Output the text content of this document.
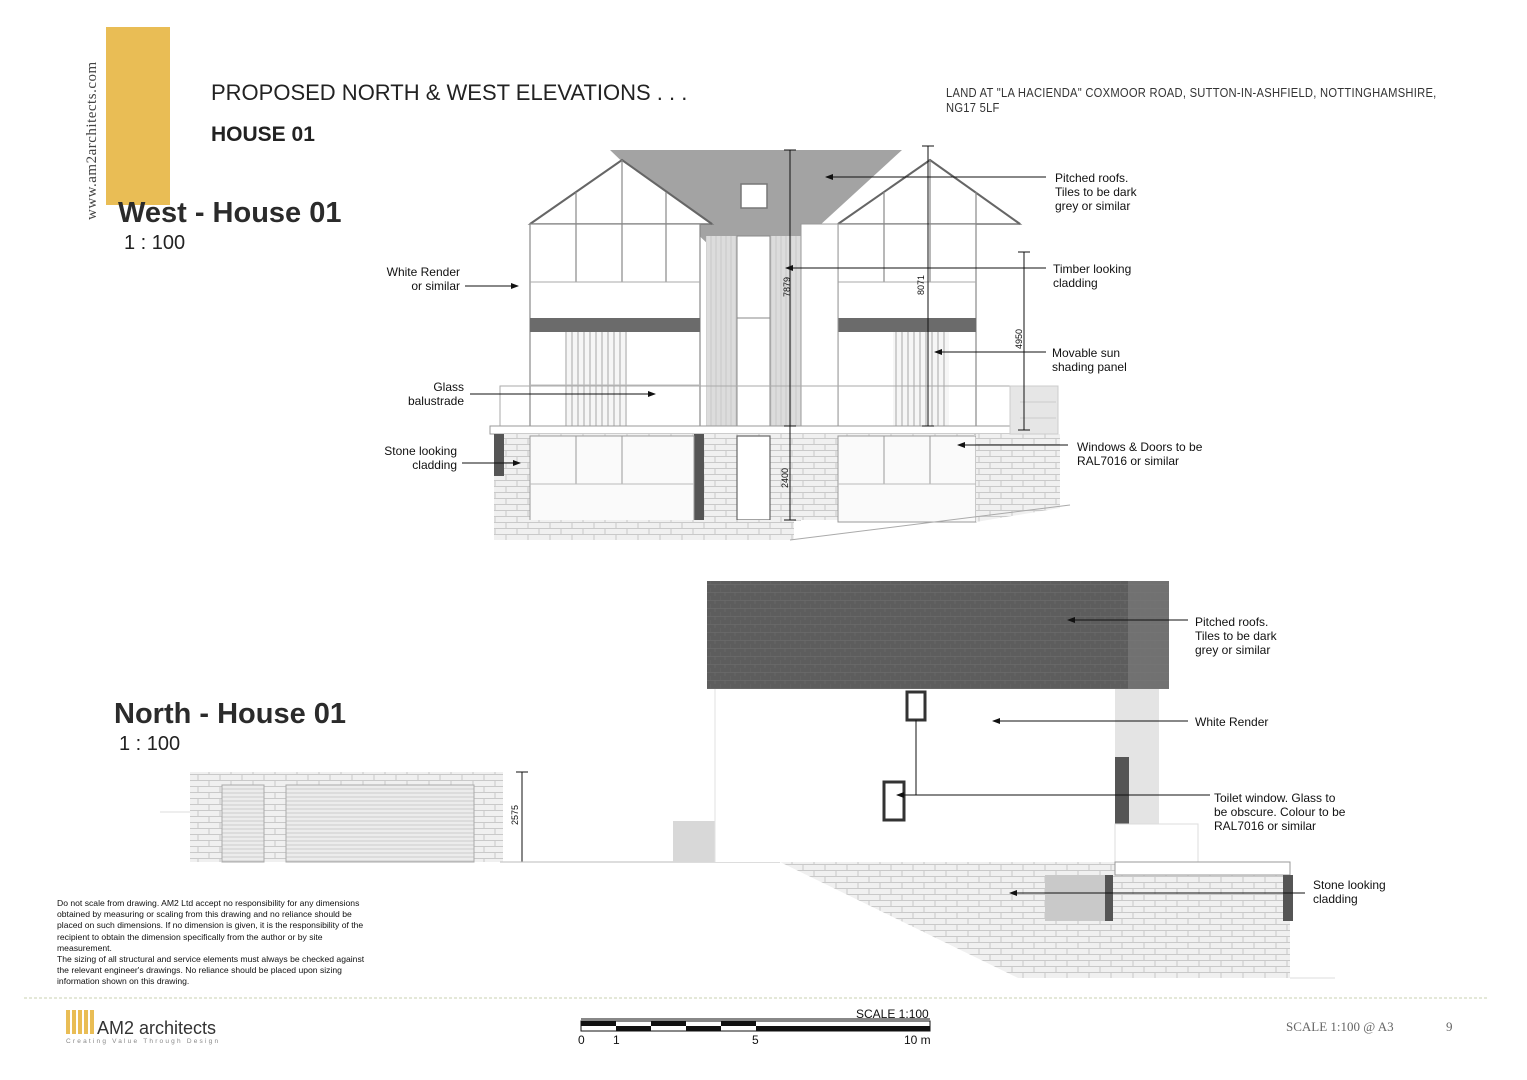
www.am2architects.com	PROPOSED NORTH & WEST ELEVATIONS . . .
HOUSE 01
LAND AT "LA HACIENDA" COXMOOR ROAD, SUTTON-IN-ASHFIELD, NOTTINGHAMSHIRE, NG17 5LF
West - House 01
1 : 100
White Render
or similar
Glass
balustrade
Stone looking
cladding
Pitched roofs.
Tiles to be dark
grey or similar
Timber looking
cladding
Movable sun
shading panel
Windows & Doors to be
RAL7016 or similar
7879	8071
4950
2400
North - House 01
1 : 100
Pitched roofs.
Tiles to be dark
grey or similar
White Render
Toilet window. Glass to
be obscure. Colour to be
RAL7016 or similar
Stone looking
cladding
2575
Do not scale from drawing. AM2 Ltd accept no responsibility for any dimensions obtained by measuring or scaling from this drawing and no reliance should be placed on such dimensions. If no dimension is given, it is the responsibility of the recipient to obtain the dimension specifically from the author or by site measurement.
The sizing of all structural and service elements must always be checked against the relevant engineer's drawings. No reliance should be placed upon sizing information shown on this drawing.
AM2 architects
Creating Value Through Design
SCALE 1:100
0 1	5	10 m
SCALE 1:100 @ A3	9
